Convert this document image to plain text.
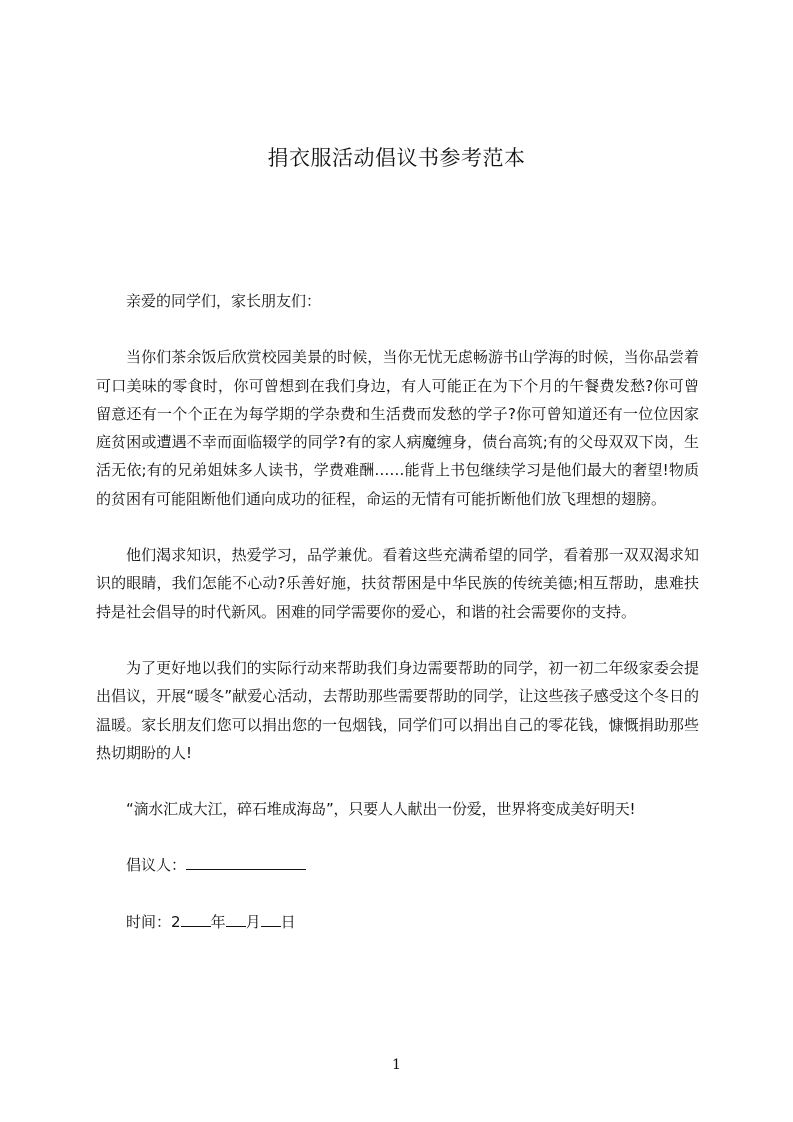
捐衣服活动倡议书参考范本

亲爱的同学们，家长朋友们：

当你们茶余饭后欣赏校园美景的时候，当你无忧无虑畅游书山学海的时候，当你品尝着可口美味的零食时，你可曾想到在我们身边，有人可能正在为下个月的午餐费发愁?你可曾留意还有一个个正在为每学期的学杂费和生活费而发愁的学子?你可曾知道还有一位位因家庭贫困或遭遇不幸而面临辍学的同学?有的家人病魔缠身，债台高筑;有的父母双双下岗，生活无依;有的兄弟姐妹多人读书，学费难酬……能背上书包继续学习是他们最大的奢望!物质的贫困有可能阻断他们通向成功的征程，命运的无情有可能折断他们放飞理想的翅膀。

他们渴求知识，热爱学习，品学兼优。看着这些充满希望的同学，看着那一双双渴求知识的眼睛，我们怎能不心动?乐善好施，扶贫帮困是中华民族的传统美德;相互帮助，患难扶持是社会倡导的时代新风。困难的同学需要你的爱心，和谐的社会需要你的支持。

为了更好地以我们的实际行动来帮助我们身边需要帮助的同学，初一初二年级家委会提出倡议，开展“暖冬”献爱心活动，去帮助那些需要帮助的同学，让这些孩子感受这个冬日的温暖。家长朋友们您可以捐出您的一包烟钱，同学们可以捐出自己的零花钱，慷慨捐助那些热切期盼的人!

“滴水汇成大江，碎石堆成海岛”，只要人人献出一份爱，世界将变成美好明天!

倡议人：

时间：2 年 月 日

1
